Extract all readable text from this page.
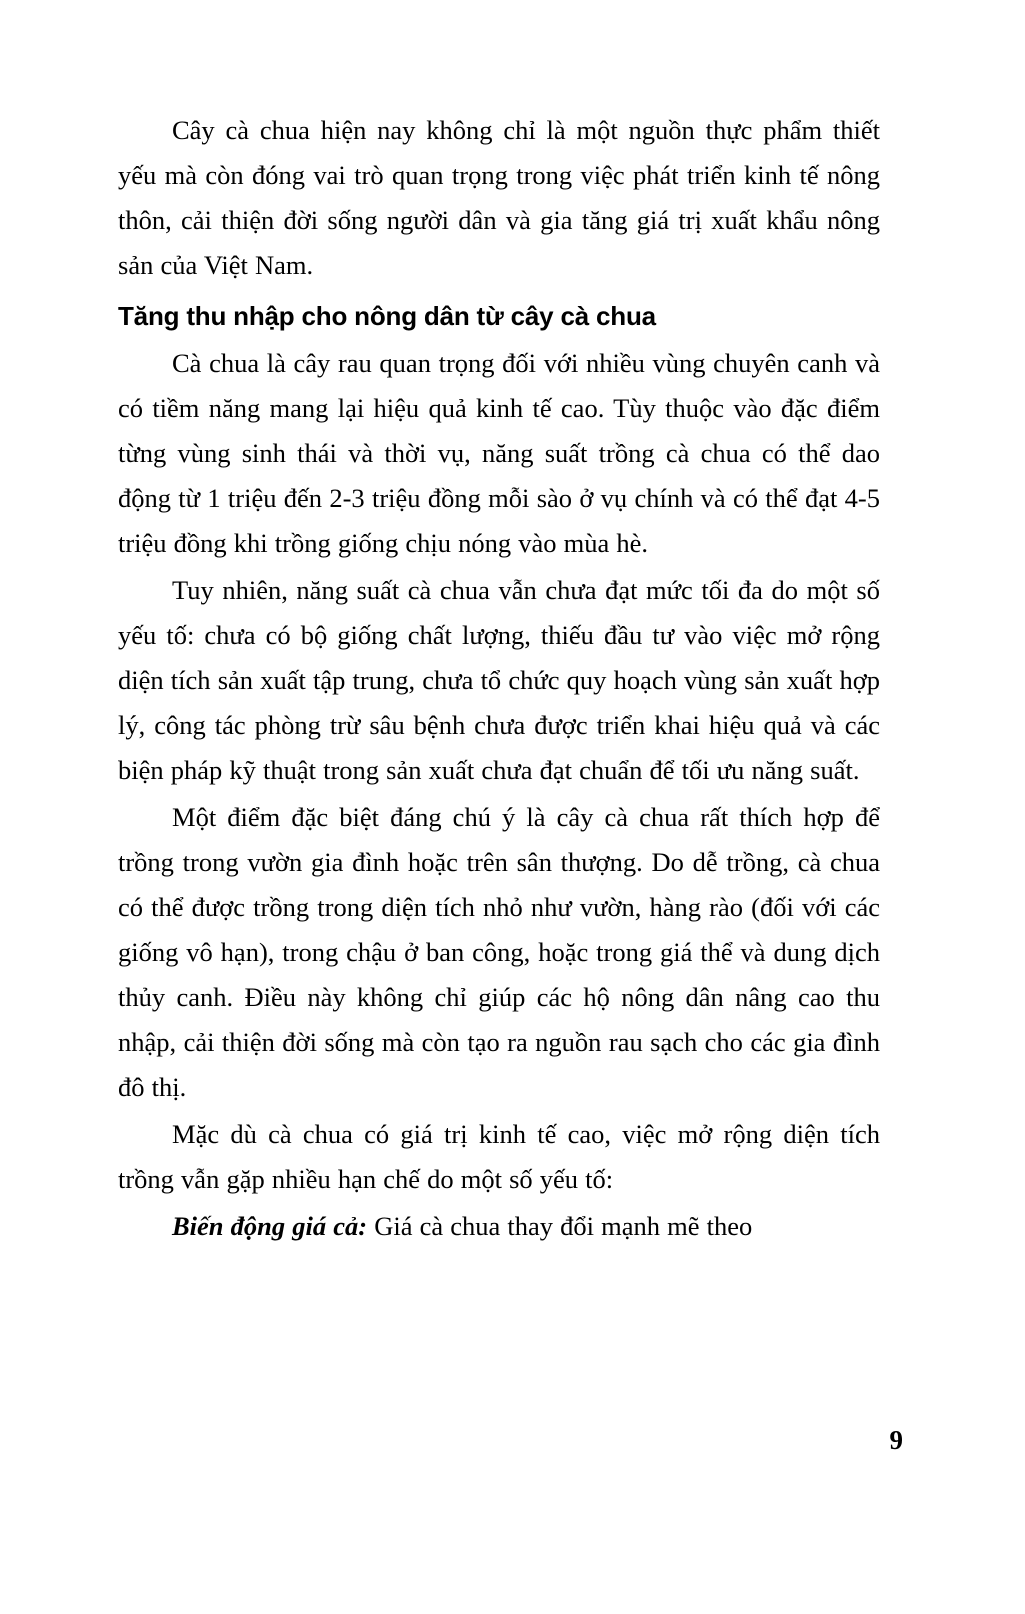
Cây cà chua hiện nay không chỉ là một nguồn thực phẩm thiết yếu mà còn đóng vai trò quan trọng trong việc phát triển kinh tế nông thôn, cải thiện đời sống người dân và gia tăng giá trị xuất khẩu nông sản của Việt Nam.

Tăng thu nhập cho nông dân từ cây cà chua

Cà chua là cây rau quan trọng đối với nhiều vùng chuyên canh và có tiềm năng mang lại hiệu quả kinh tế cao. Tùy thuộc vào đặc điểm từng vùng sinh thái và thời vụ, năng suất trồng cà chua có thể dao động từ 1 triệu đến 2-3 triệu đồng mỗi sào ở vụ chính và có thể đạt 4-5 triệu đồng khi trồng giống chịu nóng vào mùa hè.

Tuy nhiên, năng suất cà chua vẫn chưa đạt mức tối đa do một số yếu tố: chưa có bộ giống chất lượng, thiếu đầu tư vào việc mở rộng diện tích sản xuất tập trung, chưa tổ chức quy hoạch vùng sản xuất hợp lý, công tác phòng trừ sâu bệnh chưa được triển khai hiệu quả và các biện pháp kỹ thuật trong sản xuất chưa đạt chuẩn để tối ưu năng suất.

Một điểm đặc biệt đáng chú ý là cây cà chua rất thích hợp để trồng trong vườn gia đình hoặc trên sân thượng. Do dễ trồng, cà chua có thể được trồng trong diện tích nhỏ như vườn, hàng rào (đối với các giống vô hạn), trong chậu ở ban công, hoặc trong giá thể và dung dịch thủy canh. Điều này không chỉ giúp các hộ nông dân nâng cao thu nhập, cải thiện đời sống mà còn tạo ra nguồn rau sạch cho các gia đình đô thị.

Mặc dù cà chua có giá trị kinh tế cao, việc mở rộng diện tích trồng vẫn gặp nhiều hạn chế do một số yếu tố:

Biến động giá cả: Giá cà chua thay đổi mạnh mẽ theo

9
